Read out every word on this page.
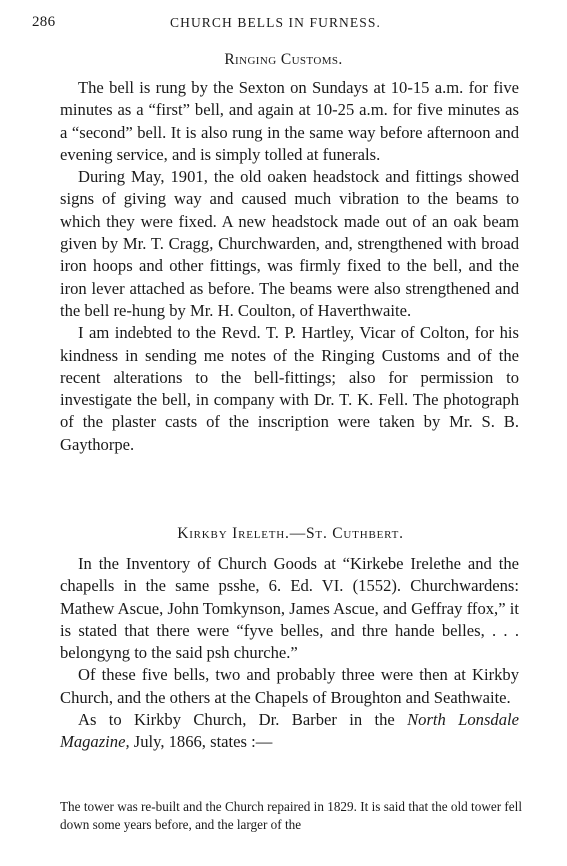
286	CHURCH BELLS IN FURNESS.
Ringing Customs.

The bell is rung by the Sexton on Sundays at 10-15 a.m. for five minutes as a “first” bell, and again at 10-25 a.m. for five minutes as a “second” bell. It is also rung in the same way before afternoon and evening service, and is simply tolled at funerals.

During May, 1901, the old oaken headstock and fittings showed signs of giving way and caused much vibration to the beams to which they were fixed. A new headstock made out of an oak beam given by Mr. T. Cragg, Churchwarden, and, strengthened with broad iron hoops and other fittings, was firmly fixed to the bell, and the iron lever attached as before. The beams were also strengthened and the bell re-hung by Mr. H. Coulton, of Haverthwaite.

I am indebted to the Revd. T. P. Hartley, Vicar of Colton, for his kindness in sending me notes of the Ringing Customs and of the recent alterations to the bell-fittings; also for permission to investigate the bell, in company with Dr. T. K. Fell. The photograph of the plaster casts of the inscription were taken by Mr. S. B. Gaythorpe.

Kirkby Ireleth.—St. Cuthbert.

In the Inventory of Church Goods at “Kirkebe Irelethe and the chapells in the same psshe, 6. Ed. VI. (1552). Churchwardens: Mathew Ascue, John Tomkynson, James Ascue, and Geffray ffox,” it is stated that there were “fyve belles, and thre hande belles, . . . belongyng to the said psh churche.”

Of these five bells, two and probably three were then at Kirkby Church, and the others at the Chapels of Broughton and Seathwaite.

As to Kirkby Church, Dr. Barber in the North Lonsdale Magazine, July, 1866, states :—

The tower was re-built and the Church repaired in 1829. It is said that the old tower fell down some years before, and the larger of the
